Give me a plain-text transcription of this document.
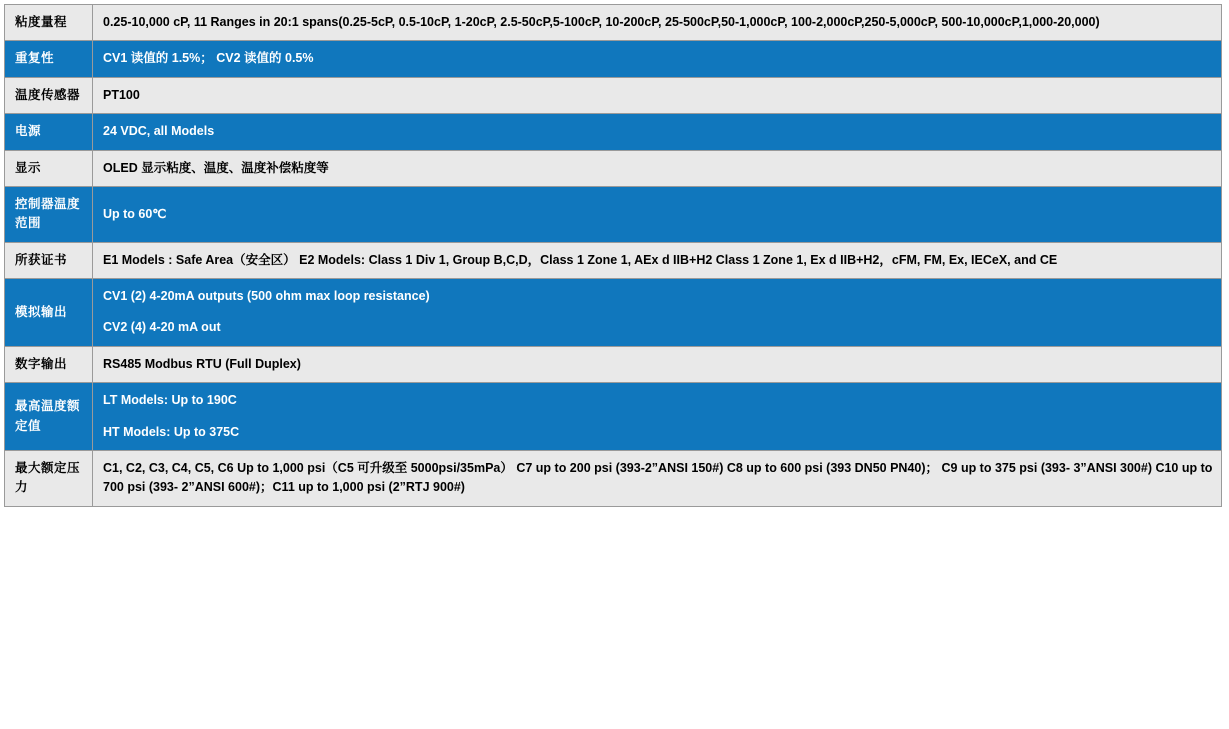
粘度量程	0.25-10,000 cP, 11 Ranges in 20:1 spans(0.25-5cP, 0.5-10cP, 1-20cP, 2.5-50cP,5-100cP, 10-200cP, 25-500cP,50-1,000cP, 100-2,000cP,250-5,000cP, 500-10,000cP,1,000-20,000)

重复性	CV1 读值的 1.5%； CV2 读值的 0.5%

温度传感器	PT100

电源	24 VDC, all Models

显示	OLED 显示粘度、温度、温度补偿粘度等

控制器温度范围	Up to 60℃

所获证书	E1 Models : Safe Area（安全区） E2 Models: Class 1 Div 1, Group B,C,D，Class 1 Zone 1, AEx d IIB+H2 Class 1 Zone 1, Ex d IIB+H2，cFM, FM, Ex, IECeX, and CE

模拟输出	CV1 (2) 4-20mA outputs (500 ohm max loop resistance)
CV2 (4) 4-20 mA out

数字输出	RS485 Modbus RTU (Full Duplex)

最高温度额定值	LT Models: Up to 190C
HT Models: Up to 375C

最大额定压力	C1, C2, C3, C4, C5, C6 Up to 1,000 psi（C5 可升级至 5000psi/35mPa） C7 up to 200 psi (393-2”ANSI 150#) C8 up to 600 psi (393 DN50 PN40)； C9 up to 375 psi (393- 3”ANSI 300#) C10 up to 700 psi (393- 2”ANSI 600#)；C11 up to 1,000 psi (2”RTJ 900#)
